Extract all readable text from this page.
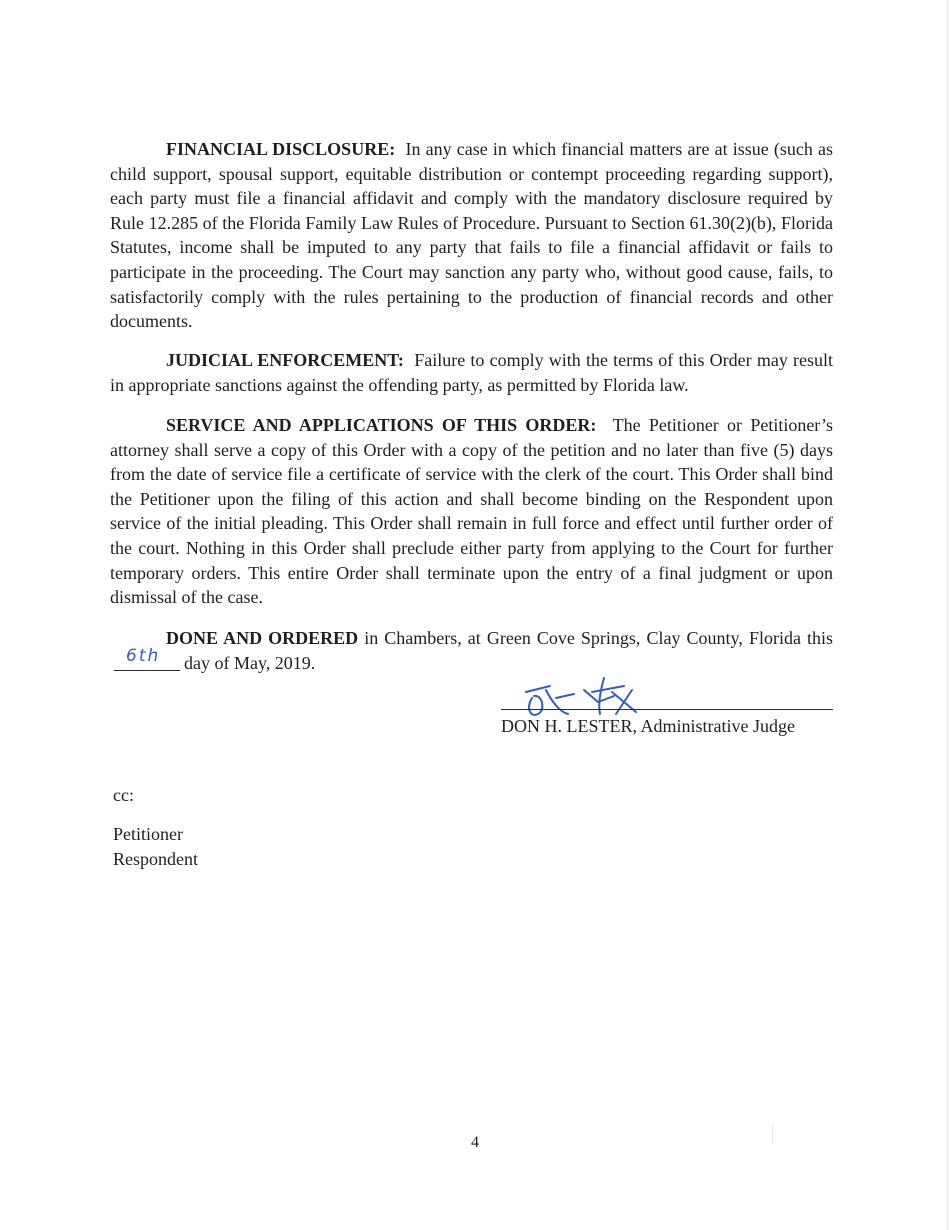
FINANCIAL DISCLOSURE: In any case in which financial matters are at issue (such as child support, spousal support, equitable distribution or contempt proceeding regarding support), each party must file a financial affidavit and comply with the mandatory disclosure required by Rule 12.285 of the Florida Family Law Rules of Procedure. Pursuant to Section 61.30(2)(b), Florida Statutes, income shall be imputed to any party that fails to file a financial affidavit or fails to participate in the proceeding. The Court may sanction any party who, without good cause, fails, to satisfactorily comply with the rules pertaining to the production of financial records and other documents.

JUDICIAL ENFORCEMENT: Failure to comply with the terms of this Order may result in appropriate sanctions against the offending party, as permitted by Florida law.

SERVICE AND APPLICATIONS OF THIS ORDER: The Petitioner or Petitioner’s attorney shall serve a copy of this Order with a copy of the petition and no later than five (5) days from the date of service file a certificate of service with the clerk of the court. This Order shall bind the Petitioner upon the filing of this action and shall become binding on the Respondent upon service of the initial pleading. This Order shall remain in full force and effect until further order of the court. Nothing in this Order shall preclude either party from applying to the Court for further temporary orders. This entire Order shall terminate upon the entry of a final judgment or upon dismissal of the case.

DONE AND ORDERED in Chambers, at Green Cove Springs, Clay County, Florida this
6th day of May, 2019.

DON H. LESTER, Administrative Judge
cc:
Petitioner
Respondent
4
